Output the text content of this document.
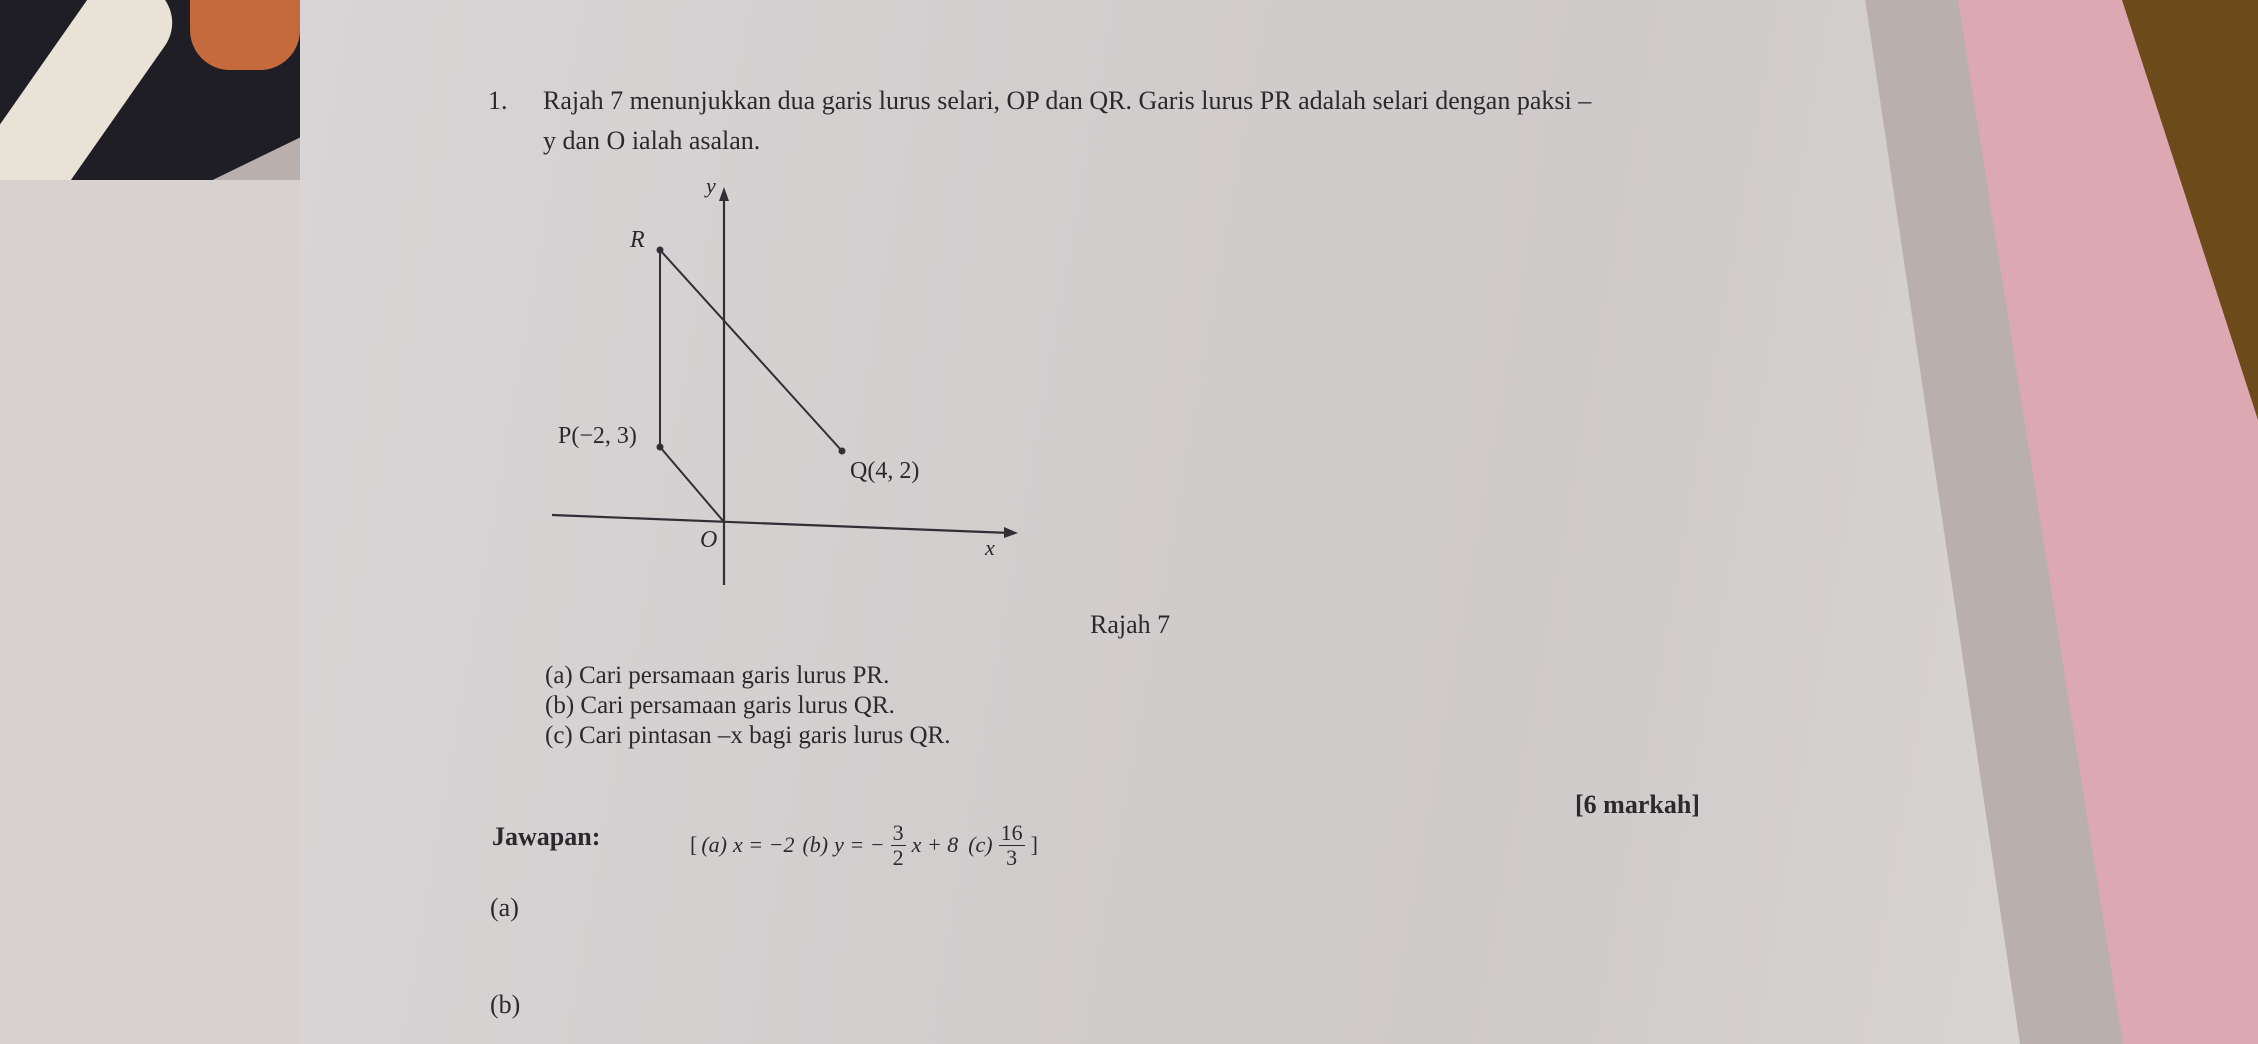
1. Rajah 7 menunjukkan dua garis lurus selari, OP dan QR. Garis lurus PR adalah selari dengan paksi –
y dan O ialah asalan.
y
R
P(−2, 3)
Q(4, 2)
O	x
Rajah 7
(a) Cari persamaan garis lurus PR.
(b) Cari persamaan garis lurus QR.
(c) Cari pintasan –x bagi garis lurus QR.
[6 markah]
Jawapan:	[ (a) x = −2 (b) y = − $\frac{3}{2}$ x + 8 $(c) \frac{16}{3}$ ]
(a)
(b)
